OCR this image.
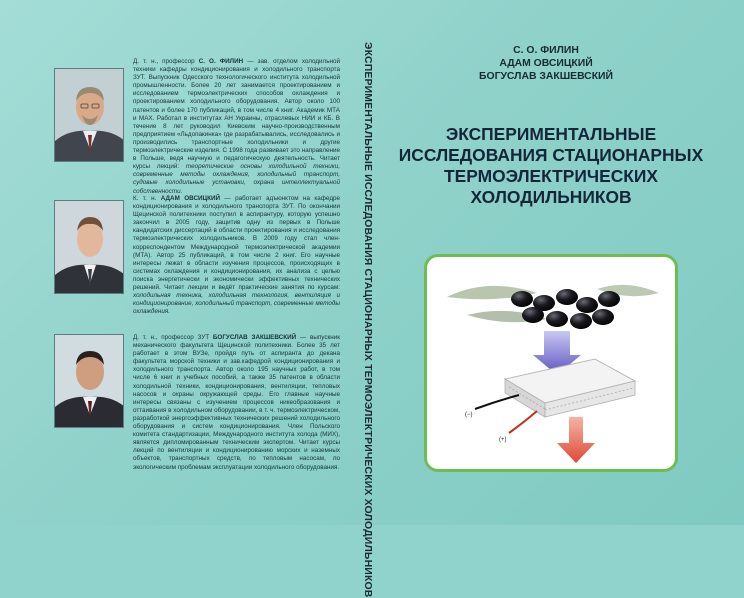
Д. т. н., профессор С. О. ФИЛИН — зав. отделом холодильной техники кафедры кондиционирования и холодильного транспорта ЗУТ. Выпускник Одесского технологического института холодильной промышленности. Более 20 лет занимается проектированием и исследованием термоэлектрических способов охлаждения и проектированием холодильного оборудования. Автор около 100 патентов и более 170 публикаций, в том числе 4 книг. Академик МТА и МАХ. Работал в институтах АН Украины, отраслевых НИИ и КБ. В течение 8 лет руководил Киевским научно-производственным предприятием «Льдопакинка» где разрабатывались, исследовались и производились транспортные холодильники и другие термоэлектрические изделия. С 1998 года развивает это направление в Польше, ведя научную и педагогическую деятельность. Читает курсы лекций: теоретические основы холодильной техники, современные методы охлаждения, холодильный транспорт, судовые холодильные установки, охрана интеллектуальной собственности.
К. т. н. АДАМ ОВСИЦКИЙ — работает адъюнктом на кафедре кондиционирования и холодильного транспорта ЗУТ. По окончании Щецинской политехники поступил в аспирантуру, которую успешно закончил в 2005 году, защитив одну из первых в Польше кандидатских диссертаций в области проектирования и исследования термоэлектрических холодильников. В 2009 году стал член-корреспондентом Международной термоэлектрической академии (МТА). Автор 25 публикаций, в том числе 2 книг. Его научные интересы лежат в области изучения процессов, происходящих в системах охлаждения и кондиционирования, их анализа с целью поиска энергетически и экономически эффективных технических решений. Читает лекции и ведёт практические занятия по курсам: холодильная техника, холодильная технология, вентиляция и кондиционирование, холодильный транспорт, современные методы охлаждения.
Д. т. н., профессор ЗУТ БОГУСЛАВ ЗАКШЕВСКИЙ — выпускник механического факультета Щецинской политехники. Более 35 лет работает в этом ВУЗе, пройдя путь от аспиранта до декана факультета морской техники и зав.кафедрой кондиционирования и холодильного транспорта. Автор около 195 научных работ, в том числе 6 книг и учебных пособий, а также 35 патентов в области холодильной техники, кондиционирования, вентиляции, тепловых насосов и охраны окружающей среды. Его главные научные интересы связаны с изучением процессов никеобразования и оттаивания в холодильном оборудовании, в т. ч. термоэлектрическом, разработкой энергоэффективных технических решений холодильного оборудования и систем кондиционирования. Член Польского комитета стандартизации, Международного института холода (МИХ), является дипломированным техническим экспертом. Читает курсы лекций по вентиляции и кондиционированию морских и наземных объектов, транспортных средств, по тепловым насосам, по экологическим проблемам эксплуатации холодильного оборудования. ЭКСПЕРИМЕНТАЛЬНЫЕ ИССЛЕДОВАНИЯ СТАЦИОНАРНЫХ ТЕРМОЭЛЕКТРИЧЕСКИХ ХОЛОДИЛЬНИКОВ	С. О. ФИЛИН
АДАМ ОВСИЦКИЙ
БОГУСЛАВ ЗАКШЕВСКИЙ
ЭКСПЕРИМЕНТАЛЬНЫЕ
ИССЛЕДОВАНИЯ СТАЦИОНАРНЫХ
ТЕРМОЭЛЕКТРИЧЕСКИХ
ХОЛОДИЛЬНИКОВ
(−)
(+)
